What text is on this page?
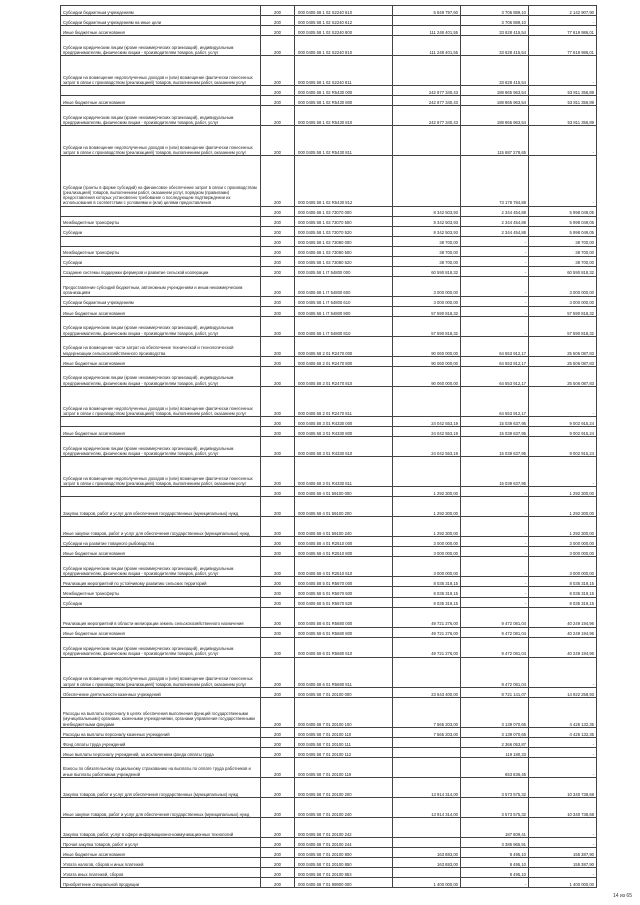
Субсидии бюджетным учреждениям	200	000 0405 58 1 02 S2240 610	5 849 797,60	3 706 889,10	2 142 907,90
Субсидии бюджетным учреждениям на иные цели	200	000 0405 58 1 02 S2240 612		3 706 889,10	-
Иные бюджетные ассигнования	200	000 0405 58 1 02 S2240 800	111 248 401,55	33 628 415,54	77 619 986,01
Субсидии юридическим лицам (кроме некоммерческих организаций), индивидуальным предпринимателям, физическим лицам - производителям товаров, работ, услуг	200	000 0405 58 1 02 S2240 810	111 248 401,55	33 628 415,54	77 619 986,01
Субсидии на возмещение недополученных доходов и (или) возмещение фактически понесенных затрат в связи с производством (реализацией) товаров, выполнением работ, оказанием услуг	200	000 0405 58 1 02 S2240 811		33 628 415,54	-
	200	000 0405 58 1 02 R5430 000	242 677 340,43	188 865 963,54	53 811 356,89
Иные бюджетные ассигнования	200	000 0405 58 1 02 R5430 800	242 677 340,43	188 865 963,54	53 811 356,89
Субсидии юридическим лицам (кроме некоммерческих организаций), индивидуальным предпринимателям, физическим лицам - производителям товаров, работ, услуг	200	000 0405 58 1 02 R5430 810	242 677 340,43	188 865 963,54	53 811 356,89
Субсидии на возмещение недополученных доходов и (или) возмещение фактически понесенных затрат в связи с производством (реализацией) товаров, выполнением работ, оказанием услуг	200	000 0405 58 1 02 R5430 811		115 687 278,65	-
Субсидии (гранты в форме субсидий) на финансовое обеспечение затрат в связи с производством (реализацией) товаров, выполнением работ, оказанием услуг, порядком (правилами) предоставления которых установлено требование о последующем подтверждении их использования в соответствии с условиями и (или) целями предоставления	200	000 0405 58 1 02 R5430 812		73 178 784,88	-
	200	000 0405 58 1 03 73070 000	8 342 503,93	2 344 454,88	5 998 049,05
Межбюджетные трансферты	200	000 0405 58 1 03 73070 500	8 342 503,93	2 344 454,88	5 998 049,05
Субсидии	200	000 0405 58 1 03 73070 520	8 342 503,93	2 344 454,88	5 998 049,05
	200	000 0405 58 1 03 73080 000	38 700,00	-	38 700,00
Межбюджетные трансферты	200	000 0405 58 1 03 73080 500	38 700,00	-	38 700,00
Субсидии	200	000 0405 58 1 03 73080 520	38 700,00	-	38 700,00
Создание системы поддержки фермеров и развитие сельской кооперации	200	000 0405 58 1 I7 54800 000	60 590 818,32	-	60 590 818,32
Предоставление субсидий бюджетным, автономным учреждениям и иным некоммерческим организациям	200	000 0405 58 1 I7 54800 600	3 000 000,00	-	3 000 000,00
Субсидии бюджетным учреждениям	200	000 0405 58 1 I7 54800 610	3 000 000,00	-	3 000 000,00
Иные бюджетные ассигнования	200	000 0405 58 1 I7 54800 800	57 590 818,32	-	57 590 818,32
Субсидии юридическим лицам (кроме некоммерческих организаций), индивидуальным предпринимателям, физическим лицам - производителям товаров, работ, услуг	200	000 0405 58 1 I7 54800 810	57 590 818,32	-	57 590 818,32
Субсидии на возмещение части затрат на обеспечение технической и технологической модернизации сельскохозяйственного производства	200	000 0405 58 2 01 R2470 000	90 060 000,00	64 553 912,17	25 506 087,83
Иные бюджетные ассигнования	200	000 0405 58 2 01 R2470 800	90 060 000,00	64 553 912,17	25 506 087,83
Субсидии юридическим лицам (кроме некоммерческих организаций), индивидуальным предпринимателям, физическим лицам - производителям товаров, работ, услуг	200	000 0405 58 2 01 R2470 810	90 060 000,00	64 553 912,17	25 506 087,83
Субсидии на возмещение недополученных доходов и (или) возмещение фактически понесенных затрат в связи с производством (реализацией) товаров, выполнением работ, оказанием услуг	200	000 0405 58 2 01 R2470 811		64 553 912,17	-
	200	000 0405 58 3 01 R4330 000	24 042 553,19	15 039 637,95	9 002 915,24
Иные бюджетные ассигнования	200	000 0405 58 3 01 R4330 800	24 042 553,19	15 039 637,95	9 002 915,24
Субсидии юридическим лицам (кроме некоммерческих организаций), индивидуальным предпринимателям, физическим лицам - производителям товаров, работ, услуг	200	000 0405 58 3 01 R4330 810	24 042 553,19	15 039 637,95	9 002 915,24
Субсидии на возмещение недополученных доходов и (или) возмещение фактически понесенных затрат в связи с производством (реализацией) товаров, выполнением работ, оказанием услуг	200	000 0405 58 3 01 R4330 811		15 039 637,95	-
	200	000 0405 58 4 01 59100 000	1 292 300,00	-	1 292 300,00
Закупка товаров, работ и услуг для обеспечения государственных (муниципальных) нужд	200	000 0405 58 4 01 59100 200	1 292 300,00	-	1 292 300,00
Иные закупки товаров, работ и услуг для обеспечения государственных (муниципальных) нужд	200	000 0405 58 4 01 59100 240	1 292 300,00	-	1 292 300,00
Субсидии на развитие товарного рыбоводства	200	000 0405 58 4 01 R2510 000	3 000 000,00	-	3 000 000,00
Иные бюджетные ассигнования	200	000 0405 58 4 01 R2510 800	3 000 000,00	-	3 000 000,00
Субсидии юридическим лицам (кроме некоммерческих организаций), индивидуальным предпринимателям, физическим лицам - производителям товаров, работ, услуг	200	000 0405 58 4 01 R2510 810	3 000 000,00	-	3 000 000,00
Реализация мероприятий по устойчивому развитию сельских территорий	200	000 0405 58 5 01 R5670 000	8 035 319,15	-	8 035 319,15
Межбюджетные трансферты	200	000 0405 58 5 01 R5670 500	8 035 319,15	-	8 035 319,15
Субсидии	200	000 0405 58 5 01 R5670 520	8 035 319,15	-	8 035 319,15
Реализация мероприятий в области мелиорации земель сельскохозяйственного назначения	200	000 0405 58 6 01 R5680 000	49 721 276,00	9 472 081,04	40 249 194,96
Иные бюджетные ассигнования	200	000 0405 58 6 01 R5680 800	49 721 276,00	9 472 081,04	40 249 194,96
Субсидии юридическим лицам (кроме некоммерческих организаций), индивидуальным предпринимателям, физическим лицам - производителям товаров, работ, услуг	200	000 0405 58 6 01 R5680 810	49 721 276,00	9 472 081,04	40 249 194,96
Субсидии на возмещение недополученных доходов и (или) возмещение фактически понесенных затрат в связи с производством (реализацией) товаров, выполнением работ, оказанием услуг	200	000 0405 58 6 01 R5680 811		9 472 081,04	-
Обеспечение деятельности казенных учреждений	200	000 0405 58 7 01 20100 000	23 643 400,00	8 721 141,07	14 922 258,93
Расходы на выплаты персоналу в целях обеспечения выполнения функций государственными (муниципальными) органами, казенными учреждениями, органами управления государственными внебюджетными фондами	200	000 0405 58 7 01 20100 100	7 565 203,00	3 139 070,65	4 426 132,35
Расходы на выплаты персоналу казенных учреждений	200	000 0405 58 7 01 20100 110	7 565 203,00	3 139 070,65	4 426 132,35
Фонд оплаты труда учреждений	200	000 0405 58 7 01 20100 111		2 366 053,87	-
Иные выплаты персоналу учреждений, за исключением фонда оплаты труда	200	000 0405 58 7 01 20100 112		119 180,33	-
Взносы по обязательному социальному страхованию на выплаты по оплате труда работников и иные выплаты работникам учреждений	200	000 0405 58 7 01 20100 119		653 836,45	-
Закупка товаров, работ и услуг для обеспечения государственных (муниципальных) нужд	200	000 0405 58 7 01 20100 200	13 914 314,00	3 573 575,32	10 340 738,68
Иные закупки товаров, работ и услуг для обеспечения государственных (муниципальных) нужд	200	000 0405 58 7 01 20100 240	13 914 314,00	3 573 575,32	10 340 738,68
Закупка товаров, работ, услуг в сфере информационно-коммуникационных технологий	200	000 0405 58 7 01 20100 242		187 609,41	-
Прочая закупка товаров, работ и услуг	200	000 0405 58 7 01 20100 244		3 385 965,91	-
Иные бюджетные ассигнования	200	000 0405 58 7 01 20100 800	163 883,00	8 495,10	155 387,90
Уплата налогов, сборов и иных платежей	200	000 0405 58 7 01 20100 850	163 883,00	8 495,10	155 387,90
Уплата иных платежей, сборов	200	000 0405 58 7 01 20100 853		8 495,10	-
Приобретение специальной продукции	200	000 0405 58 7 01 99900 000	1 400 000,00	-	1 400 000,00
14 из 65
